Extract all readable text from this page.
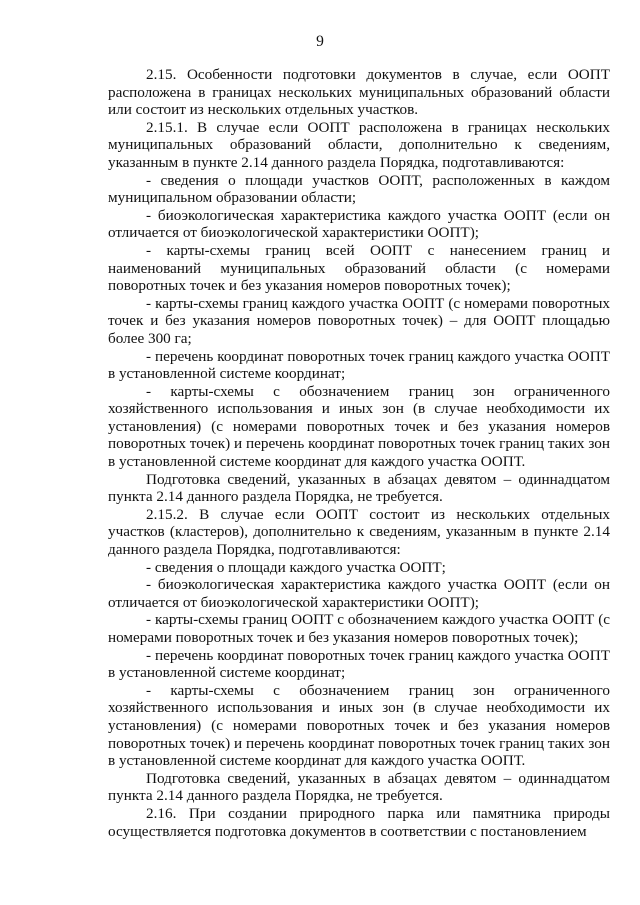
9

2.15. Особенности подготовки документов в случае, если ООПТ расположена в границах нескольких муниципальных образований области или состоит из нескольких отдельных участков.

2.15.1. В случае если ООПТ расположена в границах нескольких муниципальных образований области, дополнительно к сведениям, указанным в пункте 2.14 данного раздела Порядка, подготавливаются:

- сведения о площади участков ООПТ, расположенных в каждом муниципальном образовании области;

- биоэкологическая характеристика каждого участка ООПТ (если он отличается от биоэкологической характеристики ООПТ);

- карты-схемы границ всей ООПТ с нанесением границ и наименований муниципальных образований области (с номерами поворотных точек и без указания номеров поворотных точек);

- карты-схемы границ каждого участка ООПТ (с номерами поворотных точек и без указания номеров поворотных точек) – для ООПТ площадью более 300 га;

- перечень координат поворотных точек границ каждого участка ООПТ в установленной системе координат;

- карты-схемы с обозначением границ зон ограниченного хозяйственного использования и иных зон (в случае необходимости их установления) (с номерами поворотных точек и без указания номеров поворотных точек) и перечень координат поворотных точек границ таких зон в установленной системе координат для каждого участка ООПТ.

Подготовка сведений, указанных в абзацах девятом – одиннадцатом пункта 2.14 данного раздела Порядка, не требуется.

2.15.2. В случае если ООПТ состоит из нескольких отдельных участков (кластеров), дополнительно к сведениям, указанным в пункте 2.14 данного раздела Порядка, подготавливаются:

- сведения о площади каждого участка ООПТ;

- биоэкологическая характеристика каждого участка ООПТ (если он отличается от биоэкологической характеристики ООПТ);

- карты-схемы границ ООПТ с обозначением каждого участка ООПТ (с номерами поворотных точек и без указания номеров поворотных точек);

- перечень координат поворотных точек границ каждого участка ООПТ в установленной системе координат;

- карты-схемы с обозначением границ зон ограниченного хозяйственного использования и иных зон (в случае необходимости их установления) (с номерами поворотных точек и без указания номеров поворотных точек) и перечень координат поворотных точек границ таких зон в установленной системе координат для каждого участка ООПТ.

Подготовка сведений, указанных в абзацах девятом – одиннадцатом пункта 2.14 данного раздела Порядка, не требуется.

2.16. При создании природного парка или памятника природы осуществляется подготовка документов в соответствии с постановлением
